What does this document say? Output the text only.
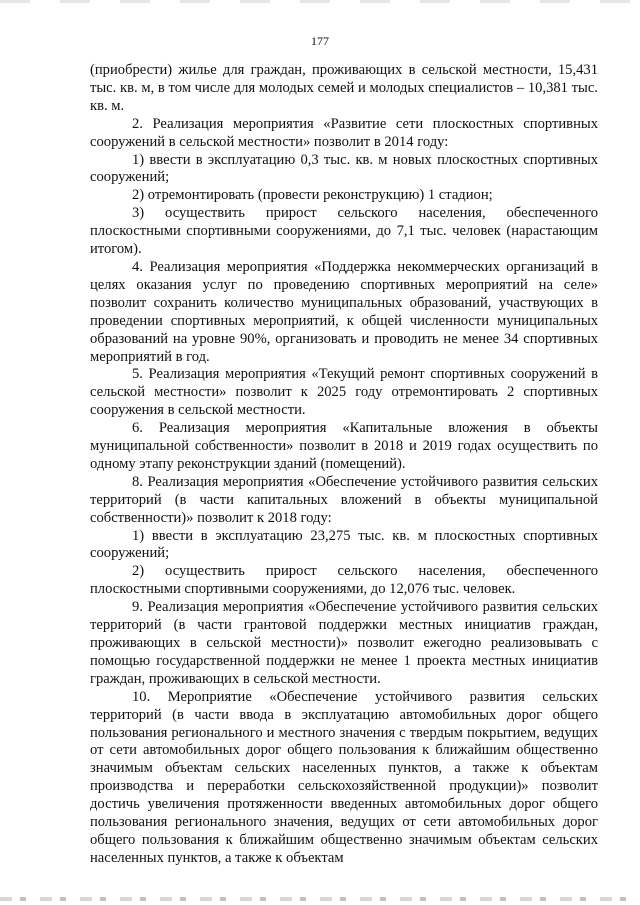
177

(приобрести) жилье для граждан, проживающих в сельской местности, 15,431 тыс. кв. м, в том числе для молодых семей и молодых специалистов – 10,381 тыс. кв. м.

2. Реализация мероприятия «Развитие сети плоскостных спортивных сооружений в сельской местности» позволит в 2014 году:

1) ввести в эксплуатацию 0,3 тыс. кв. м новых плоскостных спортивных сооружений;

2) отремонтировать (провести реконструкцию) 1 стадион;

3) осуществить прирост сельского населения, обеспеченного плоскостными спортивными сооружениями, до 7,1 тыс. человек (нарастающим итогом).

4. Реализация мероприятия «Поддержка некоммерческих организаций в целях оказания услуг по проведению спортивных мероприятий на селе» позволит сохранить количество муниципальных образований, участвующих в проведении спортивных мероприятий, к общей численности муниципальных образований на уровне 90%, организовать и проводить не менее 34 спортивных мероприятий в год.

5. Реализация мероприятия «Текущий ремонт спортивных сооружений в сельской местности» позволит к 2025 году отремонтировать 2 спортивных сооружения в сельской местности.

6. Реализация мероприятия «Капитальные вложения в объекты муниципальной собственности» позволит в 2018 и 2019 годах осуществить по одному этапу реконструкции зданий (помещений).

8. Реализация мероприятия «Обеспечение устойчивого развития сельских территорий (в части капитальных вложений в объекты муниципальной собственности)» позволит к 2018 году:

1) ввести в эксплуатацию 23,275 тыс. кв. м плоскостных спортивных сооружений;

2) осуществить прирост сельского населения, обеспеченного плоскостными спортивными сооружениями, до 12,076 тыс. человек.

9. Реализация мероприятия «Обеспечение устойчивого развития сельских территорий (в части грантовой поддержки местных инициатив граждан, проживающих в сельской местности)» позволит ежегодно реализовывать с помощью государственной поддержки не менее 1 проекта местных инициатив граждан, проживающих в сельской местности.

10. Мероприятие «Обеспечение устойчивого развития сельских территорий (в части ввода в эксплуатацию автомобильных дорог общего пользования регионального и местного значения с твердым покрытием, ведущих от сети автомобильных дорог общего пользования к ближайшим общественно значимым объектам сельских населенных пунктов, а также к объектам производства и переработки сельскохозяйственной продукции)» позволит достичь увеличения протяженности введенных автомобильных дорог общего пользования регионального значения, ведущих от сети автомобильных дорог общего пользования к ближайшим общественно значимым объектам сельских населенных пунктов, а также к объектам
